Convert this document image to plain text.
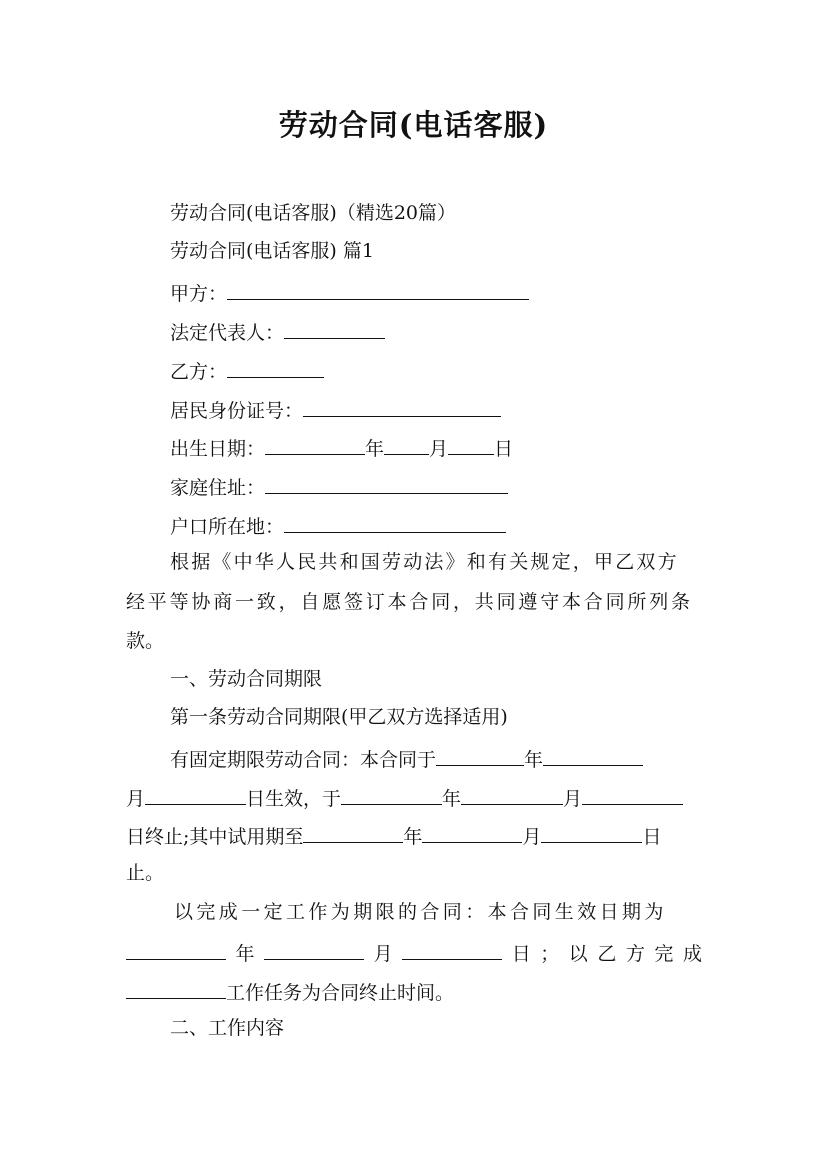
劳动合同(电话客服)
劳动合同(电话客服)（精选20篇）
劳动合同(电话客服) 篇1
甲方：
法定代表人：
乙方：
居民身份证号：
出生日期：	年 月 日
家庭住址：
户口所在地：
根据《中华人民共和国劳动法》和有关规定，甲乙双方
经平等协商一致，自愿签订本合同，共同遵守本合同所列条
款。
一、劳动合同期限
第一条劳动合同期限(甲乙双方选择适用)
有固定期限劳动合同：本合同于	年
月	日生效，于	年	月
日终止;其中试用期至	年	月	日
止。
以完成一定工作为期限的合同：本合同生效日期为
年	月	日 ； 以 乙 方 完 成
工作任务为合同终止时间。
二、工作内容
